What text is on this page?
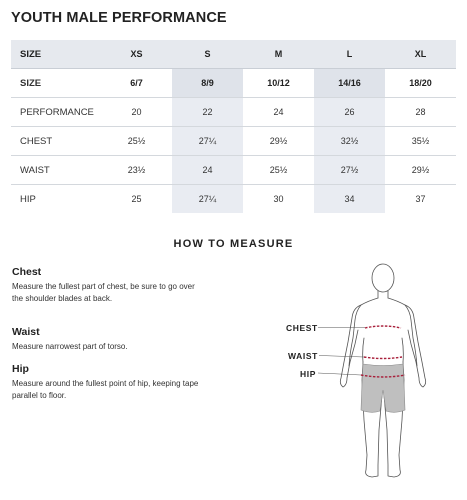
YOUTH MALE PERFORMANCE
SIZE	XS	S	M	L	XL
SIZE	6/7	8/9	10/12	14/16	18/20
PERFORMANCE	20	22	24	26	28
CHEST	25½	27¼	29½	32½	35½
WAIST	23½	24	25½	27½	29½
HIP	25	27¼	30	34	37
HOW TO MEASURE

Chest

Measure the fullest part of chest, be sure to go over the shoulder blades at back.

Waist

Measure narrowest part of torso.

Hip

Measure around the fullest point of hip, keeping tape parallel to floor.

CHEST
WAIST
HIP
